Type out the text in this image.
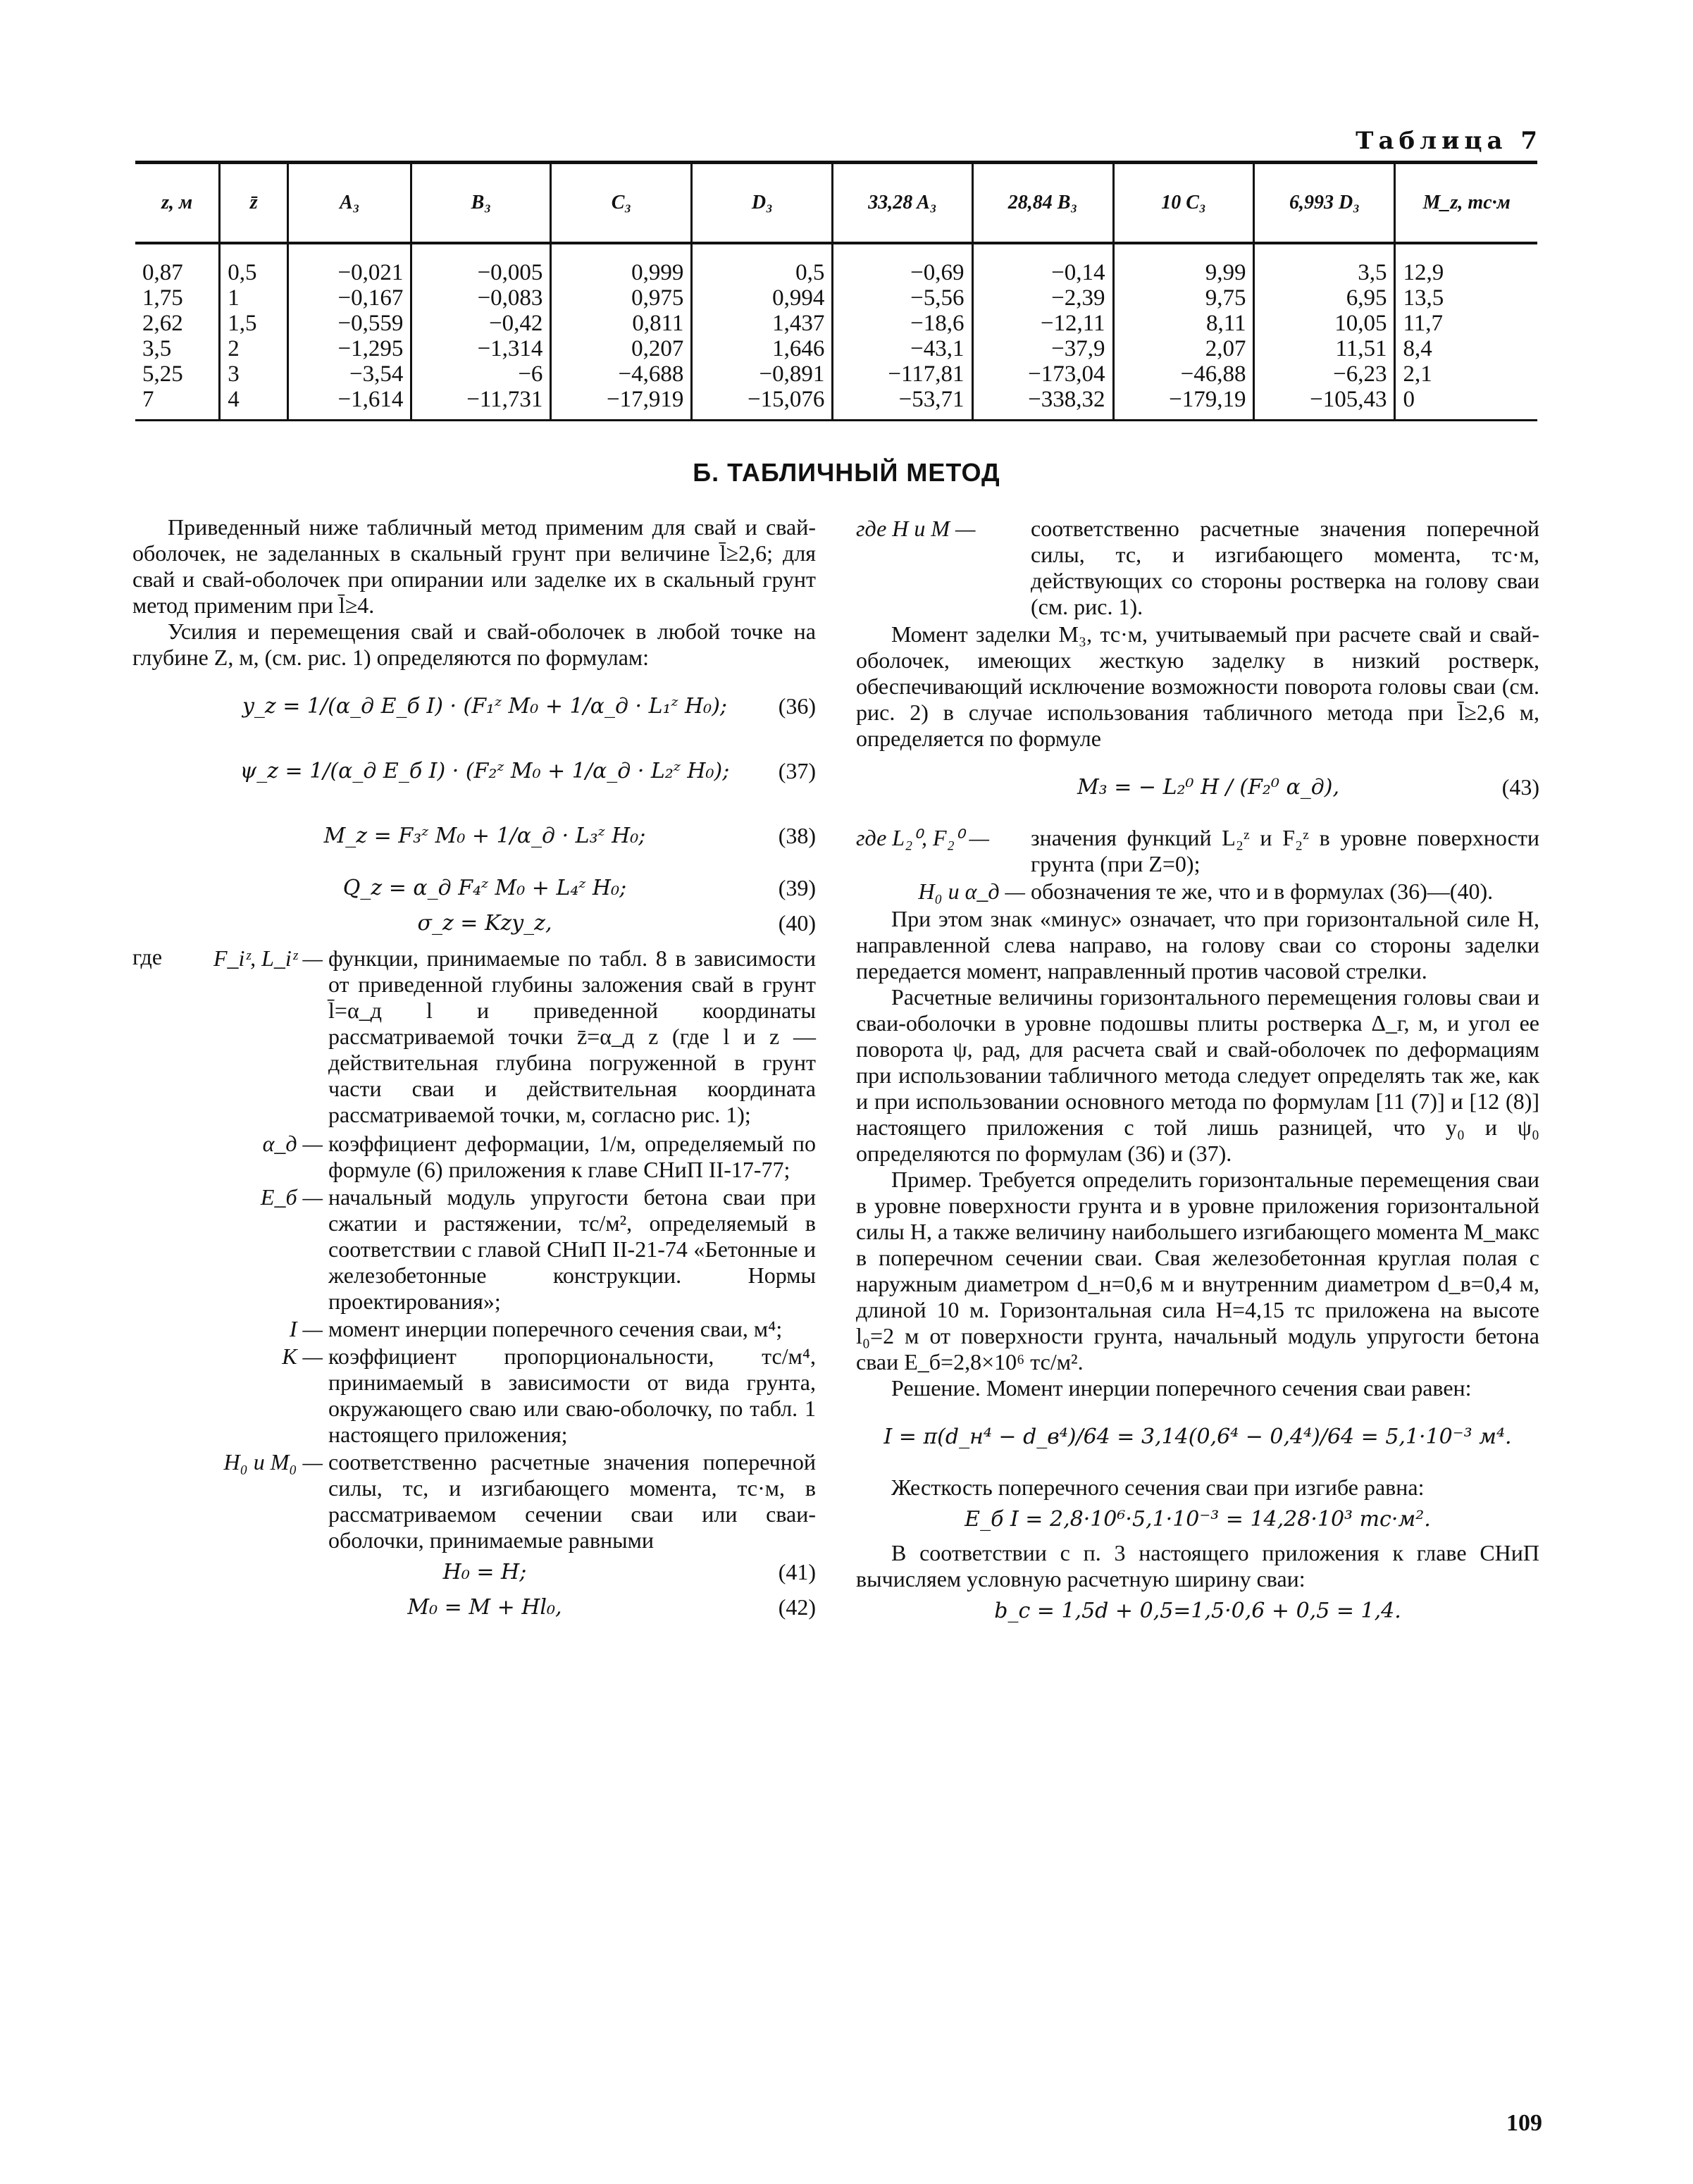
Таблица 7
z, м	z̄	A₃	B₃	C₃	D₃	33,28 A₃	28,84 B₃	10 C₃	6,993 D₃	M_z, тс·м
0,87	0,5	−0,021	−0,005	0,999	0,5	−0,69	−0,14	9,99	3,5	12,9
1,75	1	−0,167	−0,083	0,975	0,994	−5,56	−2,39	9,75	6,95	13,5
2,62	1,5	−0,559	−0,42	0,811	1,437	−18,6	−12,11	8,11	10,05	11,7
3,5	2	−1,295	−1,314	0,207	1,646	−43,1	−37,9	2,07	11,51	8,4
5,25	3	−3,54	−6	−4,688	−0,891	−117,81	−173,04	−46,88	−6,23	2,1
7	4	−1,614	−11,731	−17,919	−15,076	−53,71	−338,32	−179,19	−105,43	0
Б. ТАБЛИЧНЫЙ МЕТОД

Приведенный ниже табличный метод применим для свай и свай-оболочек, не заделанных в скальный грунт при величине l̄≥2,6; для свай и свай-оболочек при опирании или заделке их в скальный грунт метод применим при l̄≥4.

Усилия и перемещения свай и свай-оболочек в любой точке на глубине Z, м, (см. рис. 1) определяются по формулам:

y_z = 1/(α_д E_б I) · (F₁ᶻ M₀ + 1/α_д · L₁ᶻ H₀); (36)
ψ_z = 1/(α_д E_б I) · (F₂ᶻ M₀ + 1/α_д · L₂ᶻ H₀); (37)
M_z = F₃ᶻ M₀ + 1/α_д · L₃ᶻ H₀;	(38)
Q_z = α_д F₄ᶻ M₀ + L₄ᶻ H₀;	(39)
σ_z = Kzy_z,	(40)
где	F_iᶻ, L_iᶻ — функции, принимаемые по табл. 8 в зависимости от приведенной глубины заложения свай в грунт l̄=α_д l и приведенной координаты рассматриваемой точки z̄=α_д z (где l и z — действительная глубина погруженной в грунт части сваи и действительная координата рассматриваемой точки, м, согласно рис. 1);
α_д — коэффициент деформации, 1/м, определяемый по формуле (6) приложения к главе СНиП II-17-77;
E_б — начальный модуль упругости бетона сваи при сжатии и растяжении, тс/м², определяемый в соответствии с главой СНиП II-21-74 «Бетонные и железобетонные конструкции. Нормы проектирования»;
I — момент инерции поперечного сечения сваи, м⁴;
K — коэффициент пропорциональности, тс/м⁴, принимаемый в зависимости от вида грунта, окружающего сваю или сваю-оболочку, по табл. 1 настоящего приложения;
H₀ и M₀ — соответственно расчетные значения поперечной силы, тс, и изгибающего момента, тс·м, в рассматриваемом сечении сваи или сваи-оболочки, принимаемые равными
H₀ = H;	(41)
M₀ = M + Hl₀,	(42)
где H и M —	соответственно расчетные значения поперечной силы, тс, и изгибающего момента, тс·м, действующих со стороны ростверка на голову сваи (см. рис. 1).

Момент заделки M₃, тс·м, учитываемый при расчете свай и свай-оболочек, имеющих жесткую заделку в низкий ростверк, обеспечивающий исключение возможности поворота головы сваи (см. рис. 2) в случае использования табличного метода при l̄≥2,6 м, определяется по формуле

M₃ = − L₂⁰ H / (F₂⁰ α_д),	(43)
где L₂⁰, F₂⁰ —	значения функций L₂ᶻ и F₂ᶻ в уровне поверхности грунта (при Z=0);
H₀ и α_д — обозначения те же, что и в формулах (36)—(40).

При этом знак «минус» означает, что при горизонтальной силе H, направленной слева направо, на голову сваи со стороны заделки передается момент, направленный против часовой стрелки.

Расчетные величины горизонтального перемещения головы сваи и сваи-оболочки в уровне подошвы плиты ростверка Δ_г, м, и угол ее поворота ψ, рад, для расчета свай и свай-оболочек по деформациям при использовании табличного метода следует определять так же, как и при использовании основного метода по формулам [11 (7)] и [12 (8)] настоящего приложения с той лишь разницей, что y₀ и ψ₀ определяются по формулам (36) и (37).

Пример. Требуется определить горизонтальные перемещения сваи в уровне поверхности грунта и в уровне приложения горизонтальной силы H, а также величину наибольшего изгибающего момента M_макс в поперечном сечении сваи. Свая железобетонная круглая полая с наружным диаметром d_н=0,6 м и внутренним диаметром d_в=0,4 м, длиной 10 м. Горизонтальная сила H=4,15 тс приложена на высоте l₀=2 м от поверхности грунта, начальный модуль упругости бетона сваи E_б=2,8×10⁶ тс/м².

Решение. Момент инерции поперечного сечения сваи равен:

I = π(d_н⁴ − d_в⁴)/64 = 3,14(0,6⁴ − 0,4⁴)/64 = 5,1·10⁻³ м⁴.

Жесткость поперечного сечения сваи при изгибе равна:

E_б I = 2,8·10⁶·5,1·10⁻³ = 14,28·10³ тс·м².

В соответствии с п. 3 настоящего приложения к главе СНиП вычисляем условную расчетную ширину сваи:

b_c = 1,5d + 0,5=1,5·0,6 + 0,5 = 1,4.
109
